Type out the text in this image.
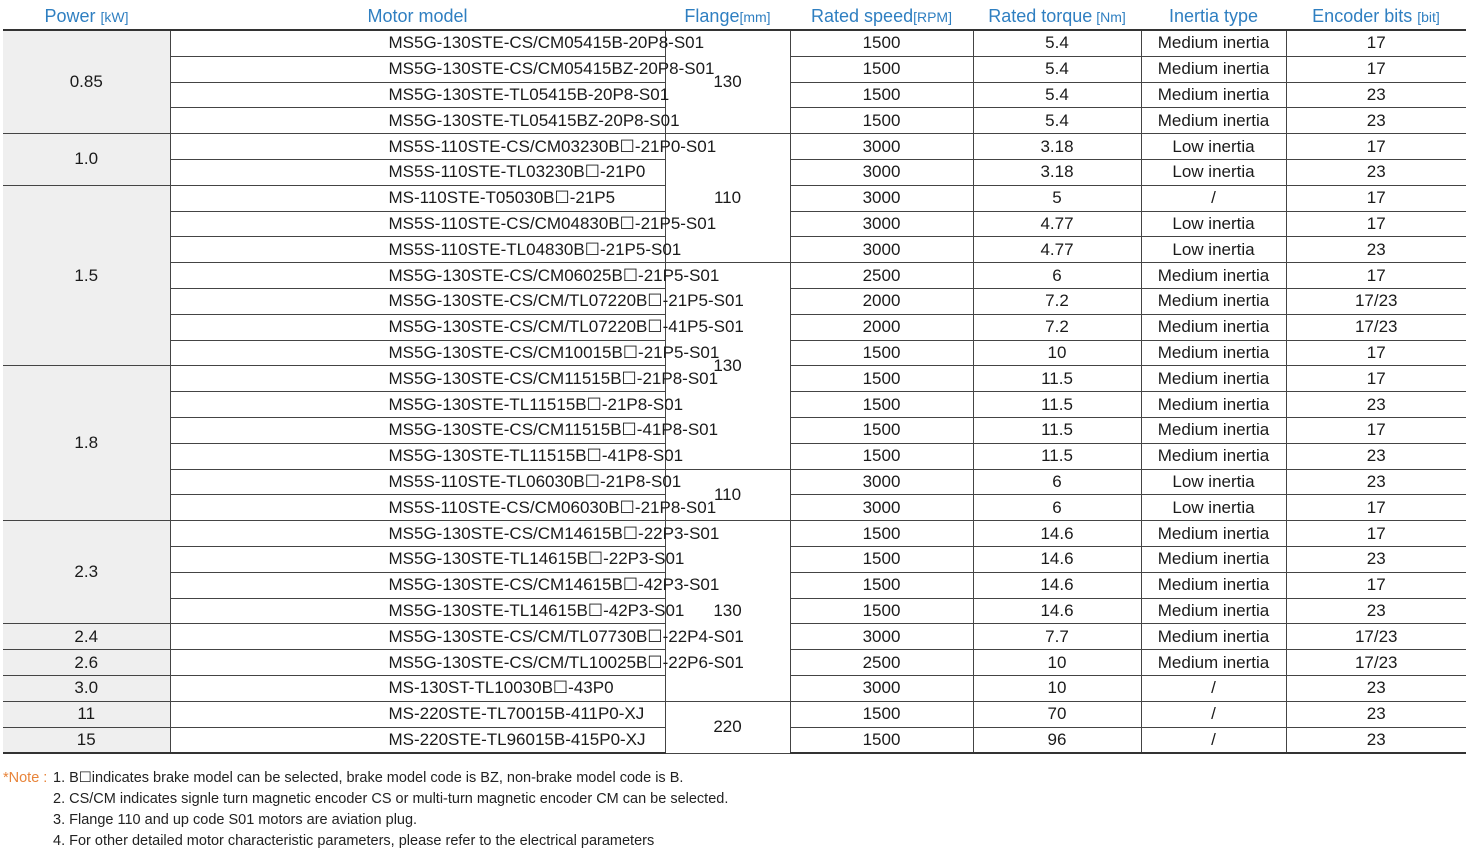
Power [kW]	Motor model	Flange[mm]	Rated speed[RPM]	Rated torque [Nm]	Inertia type	Encoder bits [bit]
0.85	MS5G-130STE-CS/CM05415B-20P8-S01	130	1500	5.4	Medium inertia	17
	MS5G-130STE-CS/CM05415BZ-20P8-S01		1500	5.4	Medium inertia	17
	MS5G-130STE-TL05415B-20P8-S01		1500	5.4	Medium inertia	23
	MS5G-130STE-TL05415BZ-20P8-S01		1500	5.4	Medium inertia	23
1.0	MS5S-110STE-CS/CM03230B☐-21P0-S01	110	3000	3.18	Low inertia	17
	MS5S-110STE-TL03230B☐-21P0		3000	3.18	Low inertia	23
1.5	MS-110STE-T05030B☐-21P5		3000	5	/	17
	MS5S-110STE-CS/CM04830B☐-21P5-S01		3000	4.77	Low inertia	17
	MS5S-110STE-TL04830B☐-21P5-S01		3000	4.77	Low inertia	23
	MS5G-130STE-CS/CM06025B☐-21P5-S01	130	2500	6	Medium inertia	17
	MS5G-130STE-CS/CM/TL07220B☐-21P5-S01		2000	7.2	Medium inertia	17/23
	MS5G-130STE-CS/CM/TL07220B☐-41P5-S01		2000	7.2	Medium inertia	17/23
	MS5G-130STE-CS/CM10015B☐-21P5-S01		1500	10	Medium inertia	17
1.8	MS5G-130STE-CS/CM11515B☐-21P8-S01		1500	11.5	Medium inertia	17
	MS5G-130STE-TL11515B☐-21P8-S01		1500	11.5	Medium inertia	23
	MS5G-130STE-CS/CM11515B☐-41P8-S01		1500	11.5	Medium inertia	17
	MS5G-130STE-TL11515B☐-41P8-S01		1500	11.5	Medium inertia	23
	MS5S-110STE-TL06030B☐-21P8-S01	110	3000	6	Low inertia	23
	MS5S-110STE-CS/CM06030B☐-21P8-S01		3000	6	Low inertia	17
2.3	MS5G-130STE-CS/CM14615B☐-22P3-S01	130	1500	14.6	Medium inertia	17
	MS5G-130STE-TL14615B☐-22P3-S01		1500	14.6	Medium inertia	23
	MS5G-130STE-CS/CM14615B☐-42P3-S01		1500	14.6	Medium inertia	17
	MS5G-130STE-TL14615B☐-42P3-S01		1500	14.6	Medium inertia	23
2.4	MS5G-130STE-CS/CM/TL07730B☐-22P4-S01		3000	7.7	Medium inertia	17/23
2.6	MS5G-130STE-CS/CM/TL10025B☐-22P6-S01		2500	10	Medium inertia	17/23
3.0	MS-130ST-TL10030B☐-43P0		3000	10	/	23
11	MS-220STE-TL70015B-411P0-XJ	220	1500	70	/	23
15	MS-220STE-TL96015B-415P0-XJ		1500	96	/	23
*Note : 1. B☐indicates brake model can be selected, brake model code is BZ, non-brake model code is B.
2. CS/CM indicates signle turn magnetic encoder CS or multi-turn magnetic encoder CM can be selected.
3. Flange 110 and up code S01 motors are aviation plug.
4. For other detailed motor characteristic parameters, please refer to the electrical parameters
